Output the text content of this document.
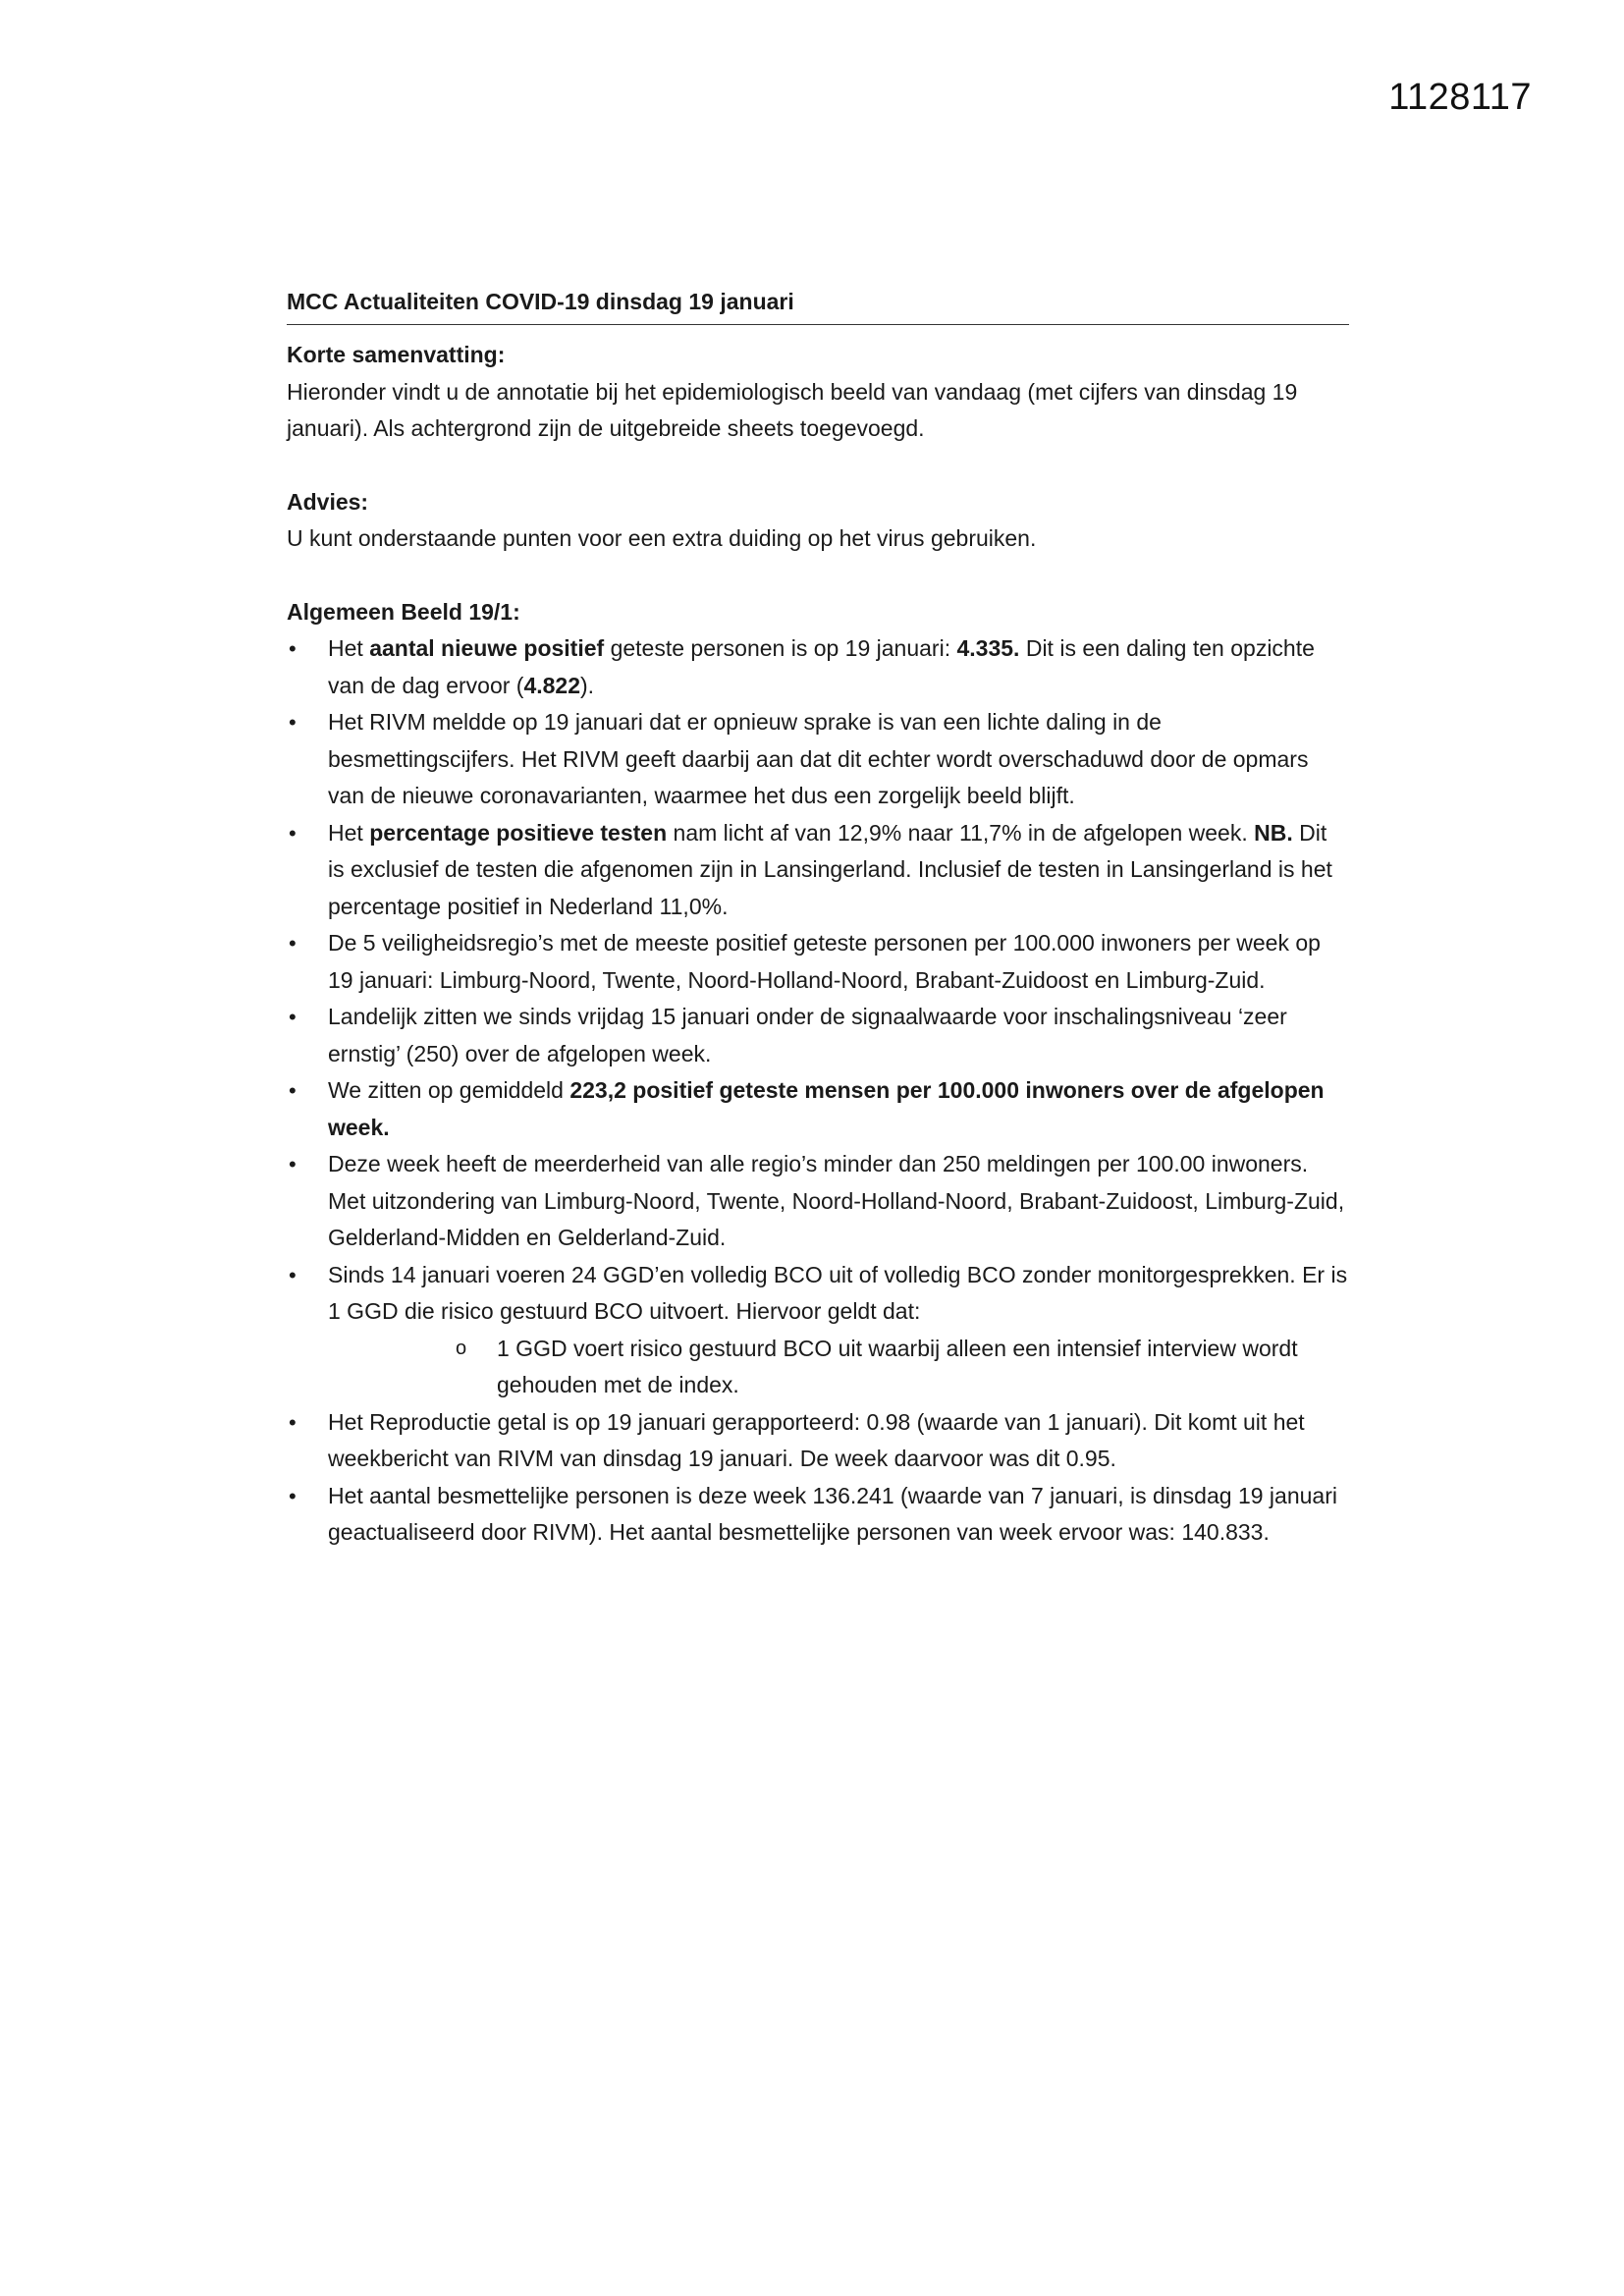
1128117
MCC Actualiteiten COVID-19 dinsdag 19 januari

Korte samenvatting:

Hieronder vindt u de annotatie bij het epidemiologisch beeld van vandaag (met cijfers van dinsdag 19 januari). Als achtergrond zijn de uitgebreide sheets toegevoegd.

Advies:

U kunt onderstaande punten voor een extra duiding op het virus gebruiken.

Algemeen Beeld 19/1:

• Het aantal nieuwe positief geteste personen is op 19 januari: 4.335. Dit is een daling ten opzichte van de dag ervoor (4.822).
• Het RIVM meldde op 19 januari dat er opnieuw sprake is van een lichte daling in de besmettingscijfers. Het RIVM geeft daarbij aan dat dit echter wordt overschaduwd door de opmars van de nieuwe coronavarianten, waarmee het dus een zorgelijk beeld blijft.
• Het percentage positieve testen nam licht af van 12,9% naar 11,7% in de afgelopen week. NB. Dit is exclusief de testen die afgenomen zijn in Lansingerland. Inclusief de testen in Lansingerland is het percentage positief in Nederland 11,0%.
• De 5 veiligheidsregio’s met de meeste positief geteste personen per 100.000 inwoners per week op 19 januari: Limburg-Noord, Twente, Noord-Holland-Noord, Brabant-Zuidoost en Limburg-Zuid.
• Landelijk zitten we sinds vrijdag 15 januari onder de signaalwaarde voor inschalingsniveau ‘zeer ernstig’ (250) over de afgelopen week.
• We zitten op gemiddeld 223,2 positief geteste mensen per 100.000 inwoners over de afgelopen week.
• Deze week heeft de meerderheid van alle regio’s minder dan 250 meldingen per 100.00 inwoners. Met uitzondering van Limburg-Noord, Twente, Noord-Holland-Noord, Brabant-Zuidoost, Limburg-Zuid, Gelderland-Midden en Gelderland-Zuid.
• Sinds 14 januari voeren 24 GGD’en volledig BCO uit of volledig BCO zonder monitorgesprekken. Er is 1 GGD die risico gestuurd BCO uitvoert. Hiervoor geldt dat:
o 1 GGD voert risico gestuurd BCO uit waarbij alleen een intensief interview wordt gehouden met de index.
• Het Reproductie getal is op 19 januari gerapporteerd: 0.98 (waarde van 1 januari). Dit komt uit het weekbericht van RIVM van dinsdag 19 januari. De week daarvoor was dit 0.95.
• Het aantal besmettelijke personen is deze week 136.241 (waarde van 7 januari, is dinsdag 19 januari geactualiseerd door RIVM). Het aantal besmettelijke personen van week ervoor was: 140.833.
